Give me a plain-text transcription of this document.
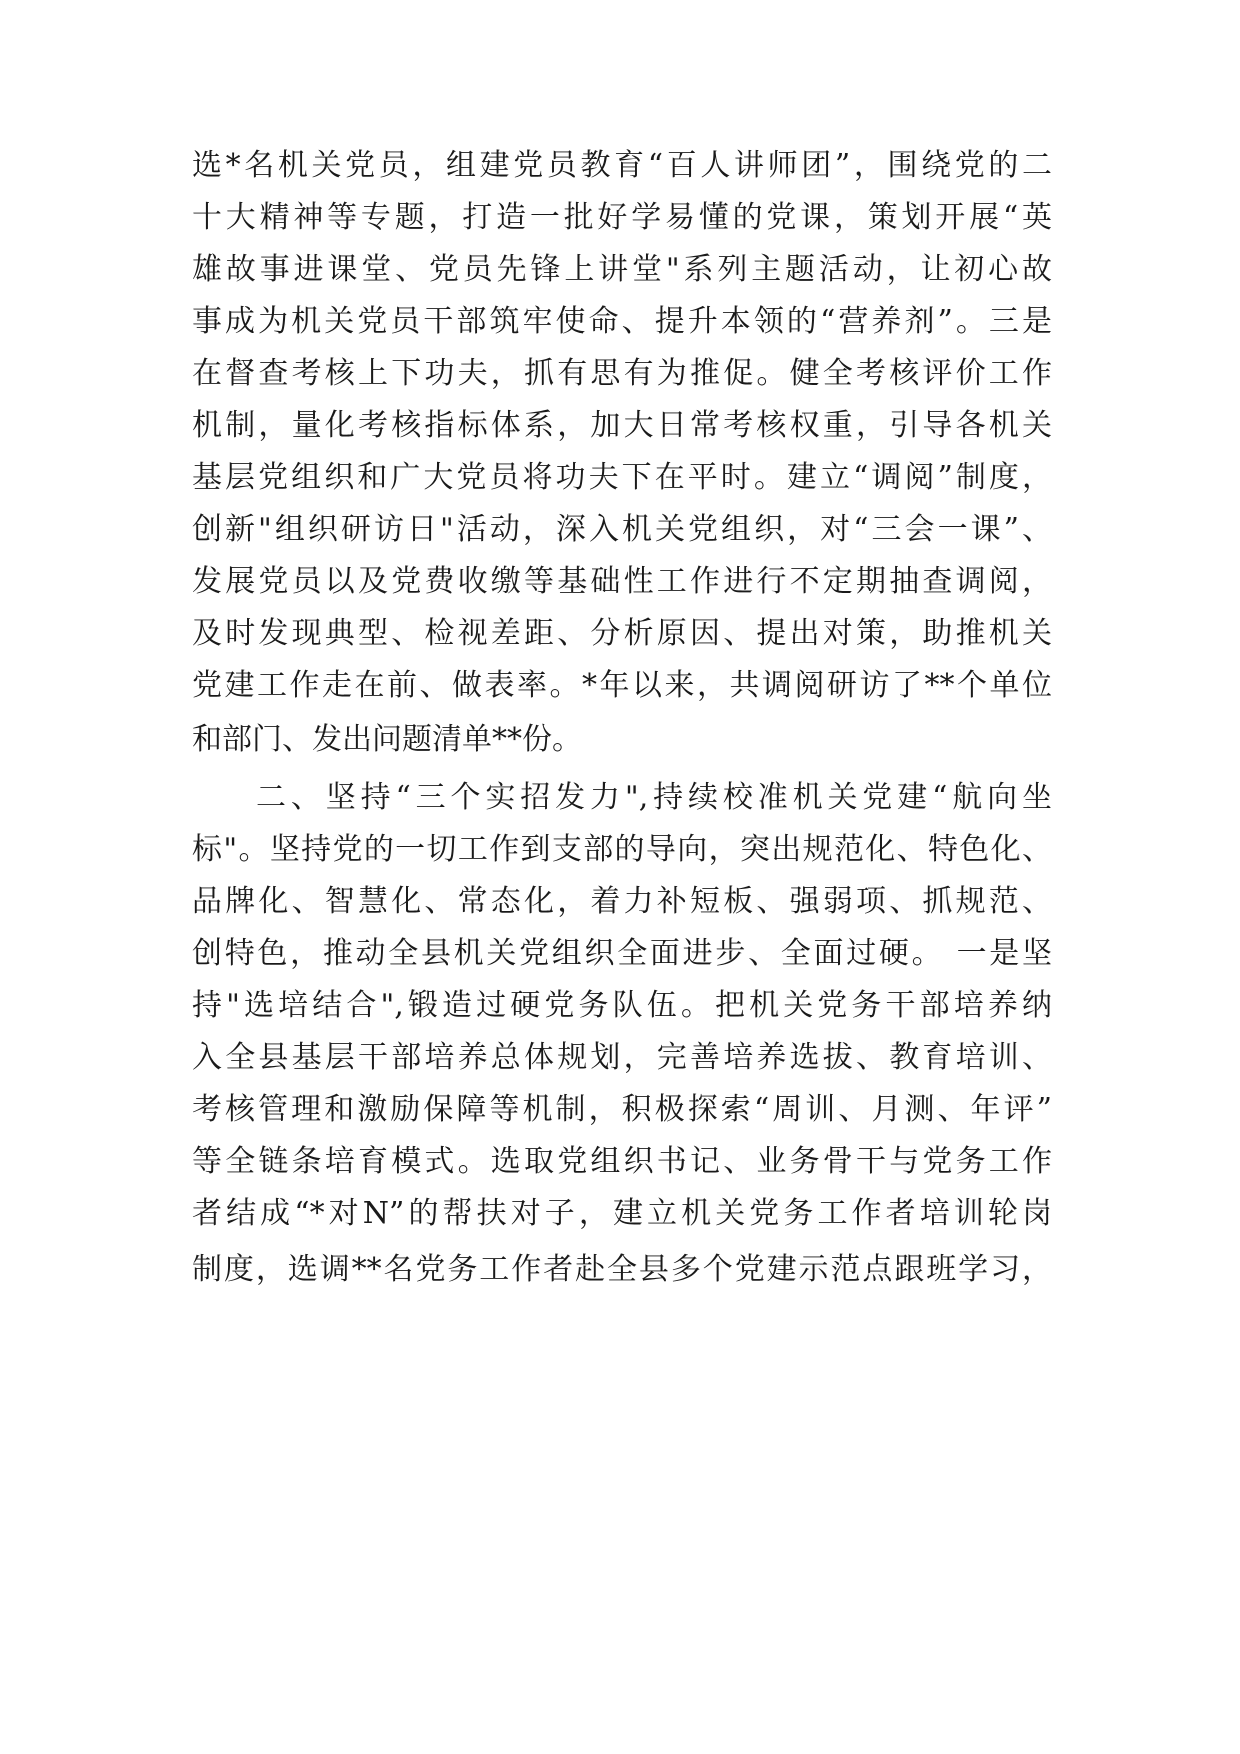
选*名机关党员，组建党员教育“百人讲师团”，围绕党的二
十大精神等专题，打造一批好学易懂的党课，策划开展“英
雄故事进课堂、党员先锋上讲堂"系列主题活动，让初心故
事成为机关党员干部筑牢使命、提升本领的“营养剂”。三是
在督查考核上下功夫，抓有思有为推促。健全考核评价工作
机制，量化考核指标体系，加大日常考核权重，引导各机关
基层党组织和广大党员将功夫下在平时。建立“调阅”制度，
创新"组织研访日"活动，深入机关党组织，对“三会一课”、
发展党员以及党费收缴等基础性工作进行不定期抽查调阅，
及时发现典型、检视差距、分析原因、提出对策，助推机关
党建工作走在前、做表率。*年以来，共调阅研访了**个单位
和部门、发出问题清单**份。
二、坚持“三个实招发力",持续校准机关党建“航向坐
标"。坚持党的一切工作到支部的导向，突出规范化、特色化、
品牌化、智慧化、常态化，着力补短板、强弱项、抓规范、
创特色，推动全县机关党组织全面进步、全面过硬。 一是坚
持"选培结合",锻造过硬党务队伍。把机关党务干部培养纳
入全县基层干部培养总体规划，完善培养选拔、教育培训、
考核管理和激励保障等机制，积极探索“周训、月测、年评”
等全链条培育模式。选取党组织书记、业务骨干与党务工作
者结成“*对N”的帮扶对子，建立机关党务工作者培训轮岗
制度，选调**名党务工作者赴全县多个党建示范点跟班学习，
